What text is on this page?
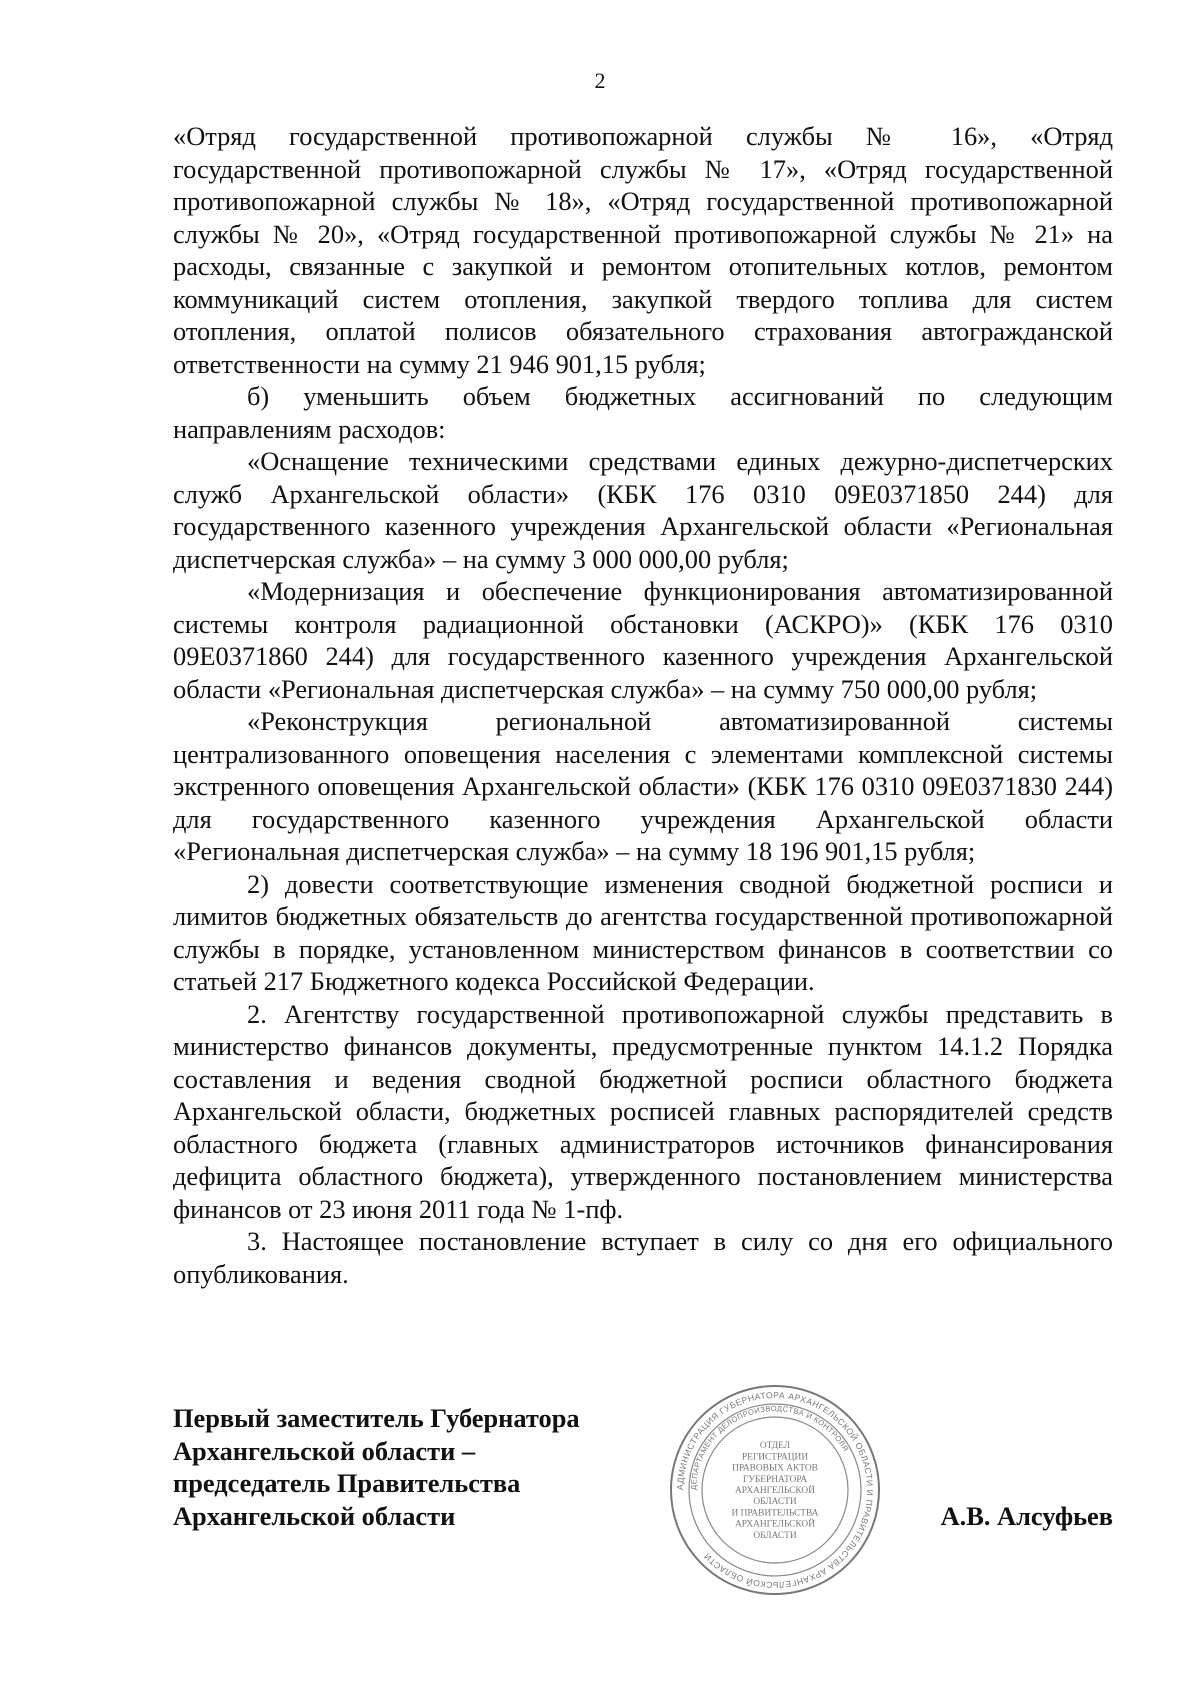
2

«Отряд государственной противопожарной службы № 16», «Отряд государственной противопожарной службы № 17», «Отряд государственной противопожарной службы № 18», «Отряд государственной противопожарной службы № 20», «Отряд государственной противопожарной службы № 21» на расходы, связанные с закупкой и ремонтом отопительных котлов, ремонтом коммуникаций систем отопления, закупкой твердого топлива для систем отопления, оплатой полисов обязательного страхования автогражданской ответственности на сумму 21 946 901,15 рубля;

б) уменьшить объем бюджетных ассигнований по следующим направлениям расходов:

«Оснащение техническими средствами единых дежурно-диспетчерских служб Архангельской области» (КБК 176 0310 09Е0371850 244) для государственного казенного учреждения Архангельской области «Региональная диспетчерская служба» – на сумму 3 000 000,00 рубля;

«Модернизация и обеспечение функционирования автоматизированной системы контроля радиационной обстановки (АСКРО)» (КБК 176 0310 09Е0371860 244) для государственного казенного учреждения Архангельской области «Региональная диспетчерская служба» – на сумму 750 000,00 рубля;

«Реконструкция региональной автоматизированной системы централизованного оповещения населения с элементами комплексной системы экстренного оповещения Архангельской области» (КБК 176 0310 09Е0371830 244) для государственного казенного учреждения Архангельской области «Региональная диспетчерская служба» – на сумму 18 196 901,15 рубля;

2) довести соответствующие изменения сводной бюджетной росписи и лимитов бюджетных обязательств до агентства государственной противопожарной службы в порядке, установленном министерством финансов в соответствии со статьей 217 Бюджетного кодекса Российской Федерации.

2. Агентству государственной противопожарной службы представить в министерство финансов документы, предусмотренные пунктом 14.1.2 Порядка составления и ведения сводной бюджетной росписи областного бюджета Архангельской области, бюджетных росписей главных распорядителей средств областного бюджета (главных администраторов источников финансирования дефицита областного бюджета), утвержденного постановлением министерства финансов от 23 июня 2011 года № 1-пф.

3. Настоящее постановление вступает в силу со дня его официального опубликования.

Первый заместитель Губернатора
Архангельской области –
председатель Правительства
Архангельской области	А.В. Алсуфьев
АДМИНИСТРАЦИЯ ГУБЕРНАТОРА АРХАНГЕЛЬСКОЙ ОБЛАСТИ И ПРАВИТЕЛЬСТВА АРХАНГЕЛЬСКОЙ ОБЛАСТИ
ДЕПАРТАМЕНТ ДЕЛОПРОИЗВОДСТВА И КОНТРОЛЯ
ОТДЕЛ
РЕГИСТРАЦИИ
ПРАВОВЫХ АКТОВ
ГУБЕРНАТОРА
АРХАНГЕЛЬСКОЙ
ОБЛАСТИ
И ПРАВИТЕЛЬСТВА
АРХАНГЕЛЬСКОЙ
ОБЛАСТИ
